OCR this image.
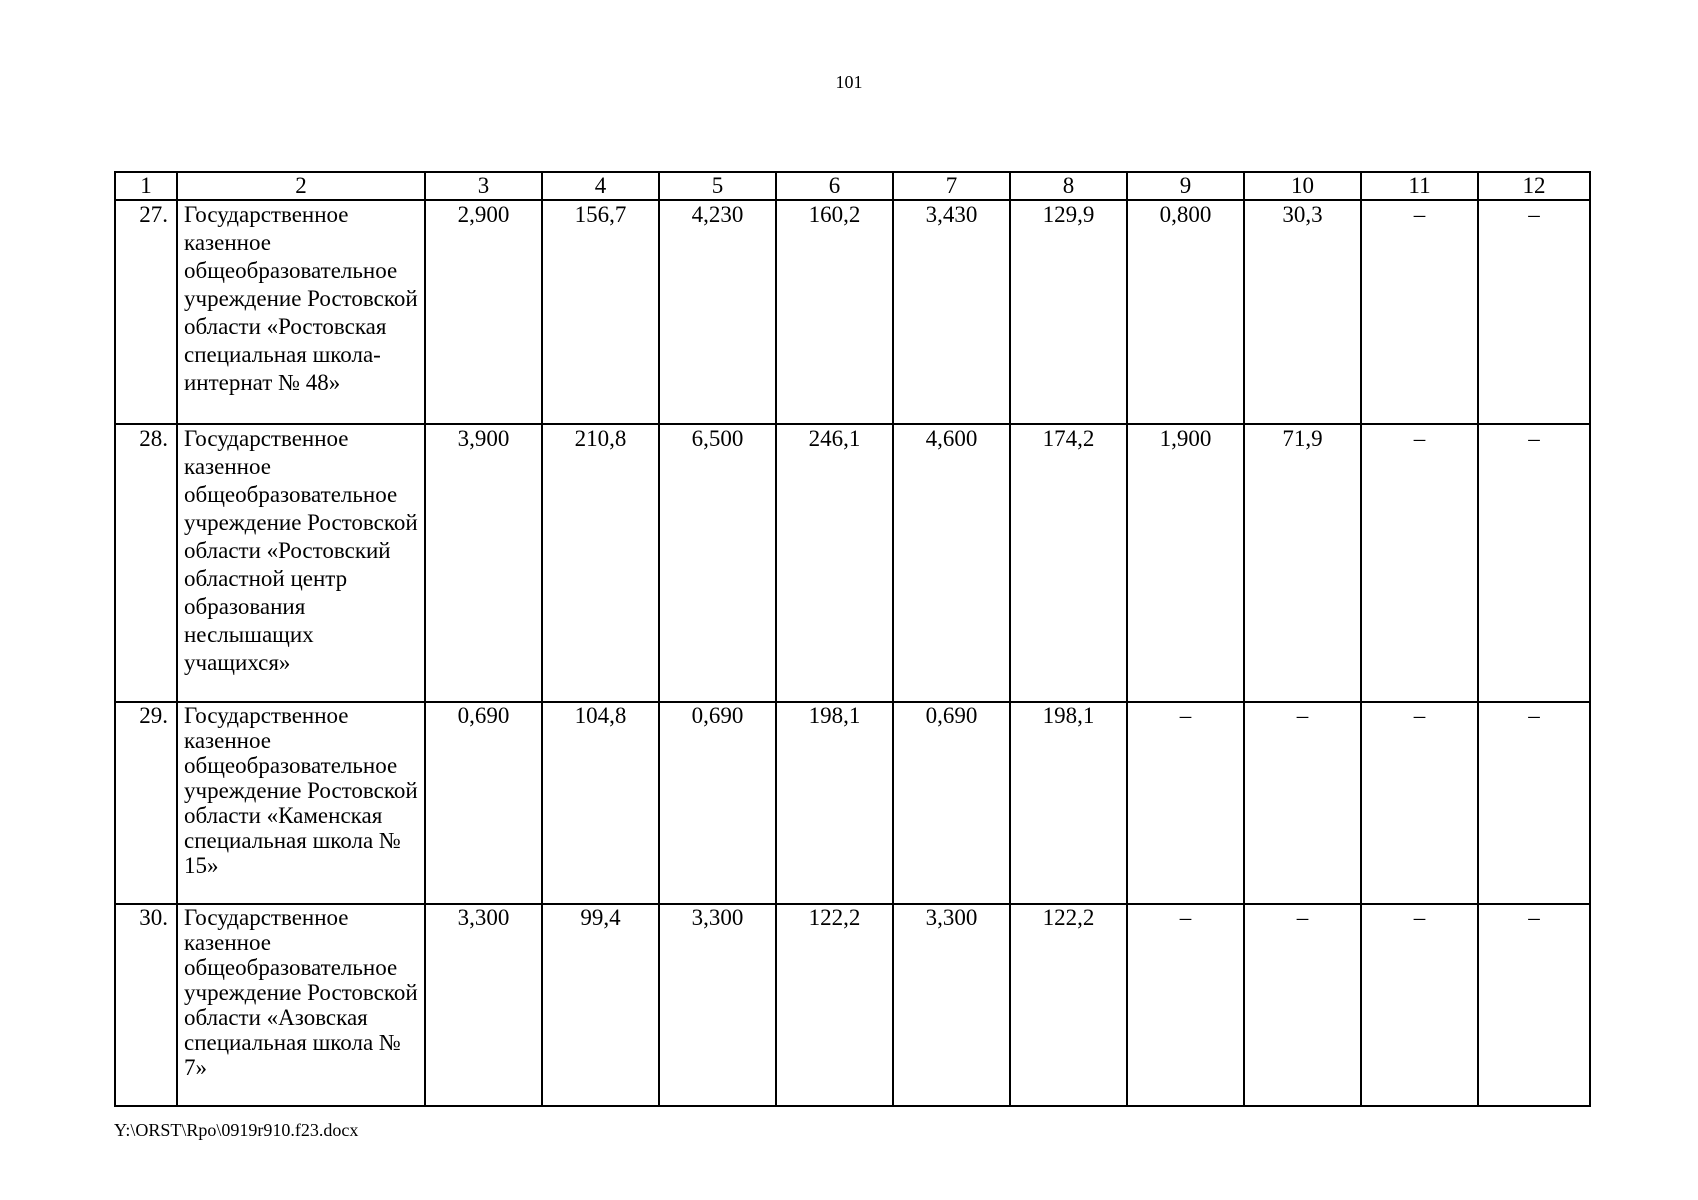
101
1	2	3	4	5	6	7	8	9	10	11	12
27.	Государственное казенное общеобразовательное учреждение Ростовской области «Ростовская специальная школа-интернат № 48»	2,900	156,7	4,230	160,2	3,430	129,9	0,800	30,3	–	–
28.	Государственное казенное общеобразовательное учреждение Ростовской области «Ростовский областной центр образования неслышащих учащихся»	3,900	210,8	6,500	246,1	4,600	174,2	1,900	71,9	–	–
29.	Государственное казенное общеобразовательное учреждение Ростовской области «Каменская специальная школа № 15»	0,690	104,8	0,690	198,1	0,690	198,1	–	–	–	–
30.	Государственное казенное общеобразовательное учреждение Ростовской области «Азовская специальная школа № 7»	3,300	99,4	3,300	122,2	3,300	122,2	–	–	–	–
Y:\ORST\Rpo\0919r910.f23.docx
